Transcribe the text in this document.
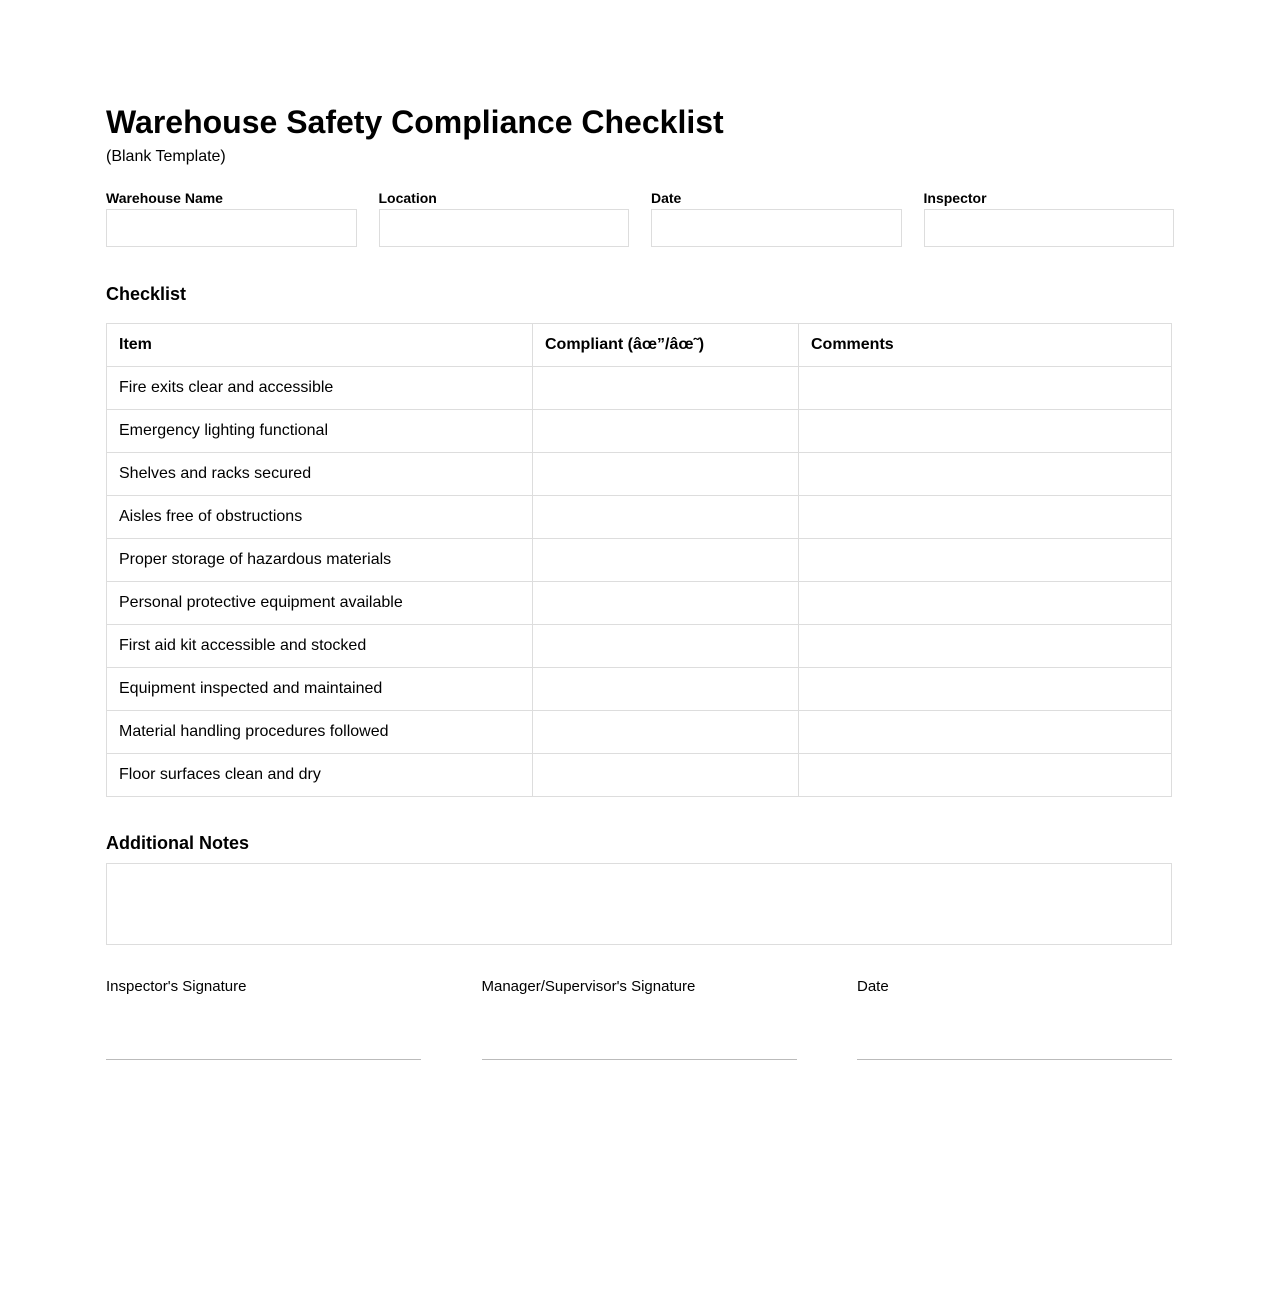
Warehouse Safety Compliance Checklist
(Blank Template)
Warehouse Name	Location	Date	Inspector
Checklist
Item	Compliant (âœ”/âœ˜)	Comments
Fire exits clear and accessible		
Emergency lighting functional		
Shelves and racks secured		
Aisles free of obstructions		
Proper storage of hazardous materials		
Personal protective equipment available		
First aid kit accessible and stocked		
Equipment inspected and maintained		
Material handling procedures followed		
Floor surfaces clean and dry		
Additional Notes
Inspector's Signature	Manager/Supervisor's Signature	Date
